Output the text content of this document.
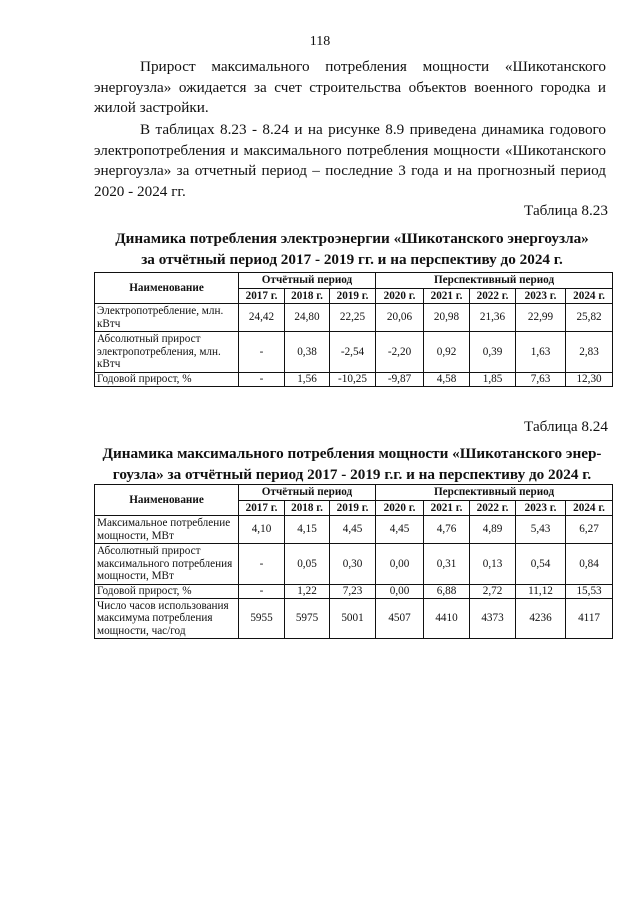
118

Прирост максимального потребления мощности «Шикотанского энергоузла» ожидается за счет строительства объектов военного городка и жилой застройки.

В таблицах 8.23 - 8.24 и на рисунке 8.9 приведена динамика годового электропотребления и максимального потребления мощности «Шикотанского энергоузла» за отчетный период – последние 3 года и на прогнозный период 2020 - 2024 гг.

Таблица 8.23
Динамика потребления электроэнергии «Шикотанского энергоузла»
за отчётный период 2017 - 2019 гг. и на перспективу до 2024 г.
Наименование	Отчётный период			Перспективный период				
	2017 г.	2018 г.	2019 г.	2020 г.	2021 г.	2022 г.	2023 г.	2024 г.
Электропотребление, млн. кВтч	24,42	24,80	22,25	20,06	20,98	21,36	22,99	25,82
Абсолютный прирост электропотребления, млн. кВтч	-	0,38	-2,54	-2,20	0,92	0,39	1,63	2,83
Годовой прирост, %	-	1,56	-10,25	-9,87	4,58	1,85	7,63	12,30
Таблица 8.24
Динамика максимального потребления мощности «Шикотанского энер-
гоузла» за отчётный период 2017 - 2019 г.г. и на перспективу до 2024 г.
Наименование	Отчётный период			Перспективный период				
	2017 г.	2018 г.	2019 г.	2020 г.	2021 г.	2022 г.	2023 г.	2024 г.
Максимальное потребление мощности, МВт	4,10	4,15	4,45	4,45	4,76	4,89	5,43	6,27
Абсолютный прирост максимального потребления мощности, МВт	-	0,05	0,30	0,00	0,31	0,13	0,54	0,84
Годовой прирост, %	-	1,22	7,23	0,00	6,88	2,72	11,12	15,53
Число часов использования максимума потребления мощности, час/год	5955	5975	5001	4507	4410	4373	4236	4117
